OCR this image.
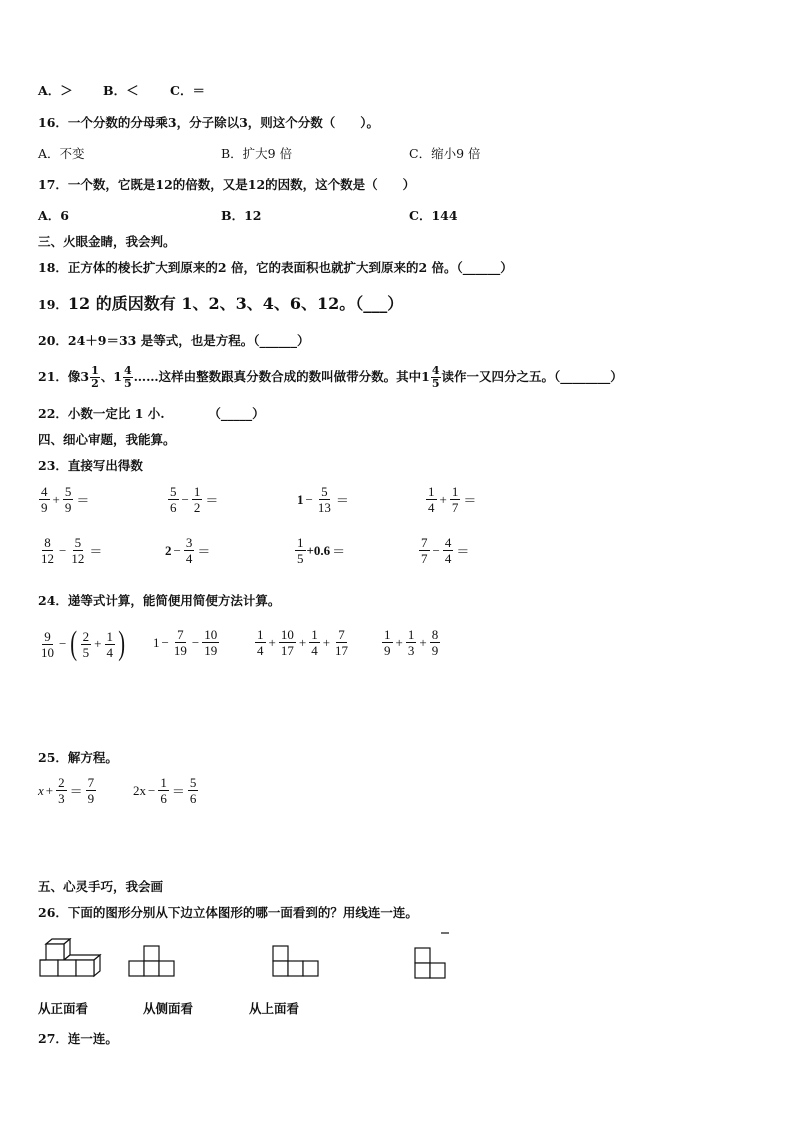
A．＞ B．＜	C．＝
16．一个分数的分母乘3，分子除以3，则这个分数（　　）。
A．不变	B．扩大9 倍	C．缩小9 倍
17．一个数，它既是12的倍数，又是12的因数，这个数是（　　）
A．6	B．12	C．144
三、火眼金睛，我会判。
18．正方体的棱长扩大到原来的2 倍，它的表面积也就扩大到原来的2 倍。（______）
19．12 的质因数有 1、2、3、4、6、12。（___）
20．24＋9＝33 是等式，也是方程。（______）
21．像 $3 \frac{1}{2}$ 、 $1 \frac{4}{5}$ ……这样由整数跟真分数合成的数叫做带分数。其中 $1 \frac{4}{5}$ 读作一又四分之五。（________）
22．小数一定比 1 小.　　　　（_____）
四、细心审题，我能算。
23．直接写出得数
$\frac{4}{9} + \frac{5}{9}$ ＝	$\frac{5}{6} - \frac{1}{2}$ ＝	$1 - \frac{5}{13}$ ＝	$\frac{1}{4} + \frac{1}{7}$ ＝
$\frac{8}{12} - \frac{5}{12}$ ＝	$2 - \frac{3}{4}$ ＝	$\frac{1}{5} +0.6$ ＝	$\frac{7}{7} - \frac{4}{4}$ ＝
24．递等式计算，能简便用简便方法计算。
$\frac{9}{10}$ − ( $\frac{2}{5} + \frac{1}{4}$ ) $1 - \frac{7}{19} - \frac{10}{19}$	$\frac{1}{4} + \frac{10}{17} + \frac{1}{4} + \frac{7}{17} \frac{1}{9} + \frac{1}{3} + \frac{8}{9}$
25．解方程。
$x + \frac{2}{3} = \frac{7}{9}$	$2x - \frac{1}{6} = \frac{5}{6}$
五、心灵手巧，我会画
26．下面的图形分别从下边立体图形的哪一面看到的？用线连一连。
从正面看	从侧面看	从上面看
27．连一连。
